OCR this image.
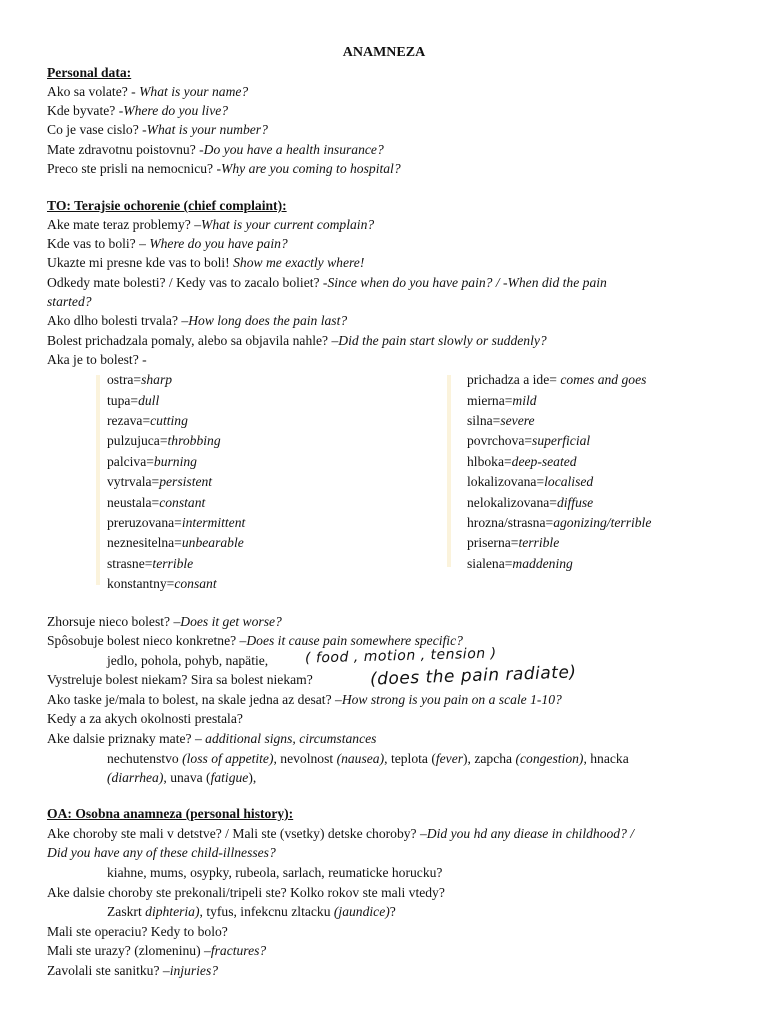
ANAMNEZA
Personal data:
Ako sa volate? - What is your name?
Kde byvate? -Where do you live?
Co je vase cislo? -What is your number?
Mate zdravotnu poistovnu? -Do you have a health insurance?
Preco ste prisli na nemocnicu? -Why are you coming to hospital?
TO: Terajsie ochorenie (chief complaint):
Ake mate teraz problemy? –What is your current complain?
Kde vas to boli? – Where do you have pain?
Ukazte mi presne kde vas to boli! Show me exactly where!
Odkedy mate bolesti? / Kedy vas to zacalo boliet? -Since when do you have pain? / -When did the pain
started?
Ako dlho bolesti trvala? –How long does the pain last?
Bolest prichadzala pomaly, alebo sa objavila nahle? –Did the pain start slowly or suddenly?
Aka je to bolest? -
ostra=sharp
tupa=dull
rezava=cutting
pulzujuca=throbbing
palciva=burning
vytrvala=persistent
neustala=constant
preruzovana=intermittent
neznesitelna=unbearable
strasne=terrible
konstantny=consant
prichadza a ide= comes and goes
mierna=mild
silna=severe
povrchova=superficial
hlboka=deep-seated
lokalizovana=localised
nelokalizovana=diffuse
hrozna/strasna=agonizing/terrible
priserna=terrible
sialena=maddening
Zhorsuje nieco bolest? –Does it get worse?
Spôsobuje bolest nieco konkretne? –Does it cause pain somewhere specific?
jedlo, pohola, pohyb, napätie,	( food , motion , tension )
Vystreluje bolest niekam? Sira sa bolest niekam?	(does the pain radiate)
Ako taske je/mala to bolest, na skale jedna az desat? –How strong is you pain on a scale 1-10?
Kedy a za akych okolnosti prestala?
Ake dalsie priznaky mate? – additional signs, circumstances
nechutenstvo (loss of appetite), nevolnost (nausea), teplota (fever), zapcha (congestion), hnacka
(diarrhea), unava (fatigue),
OA: Osobna anamneza (personal history):
Ake choroby ste mali v detstve? / Mali ste (vsetky) detske choroby? –Did you hd any diease in childhood? /
Did you have any of these child-illnesses?
kiahne, mums, osypky, rubeola, sarlach, reumaticke horucku?
Ake dalsie choroby ste prekonali/tripeli ste? Kolko rokov ste mali vtedy?
Zaskrt diphteria), tyfus, infekcnu zltacku (jaundice)?
Mali ste operaciu? Kedy to bolo?
Mali ste urazy? (zlomeninu) –fractures?
Zavolali ste sanitku? –injuries?
